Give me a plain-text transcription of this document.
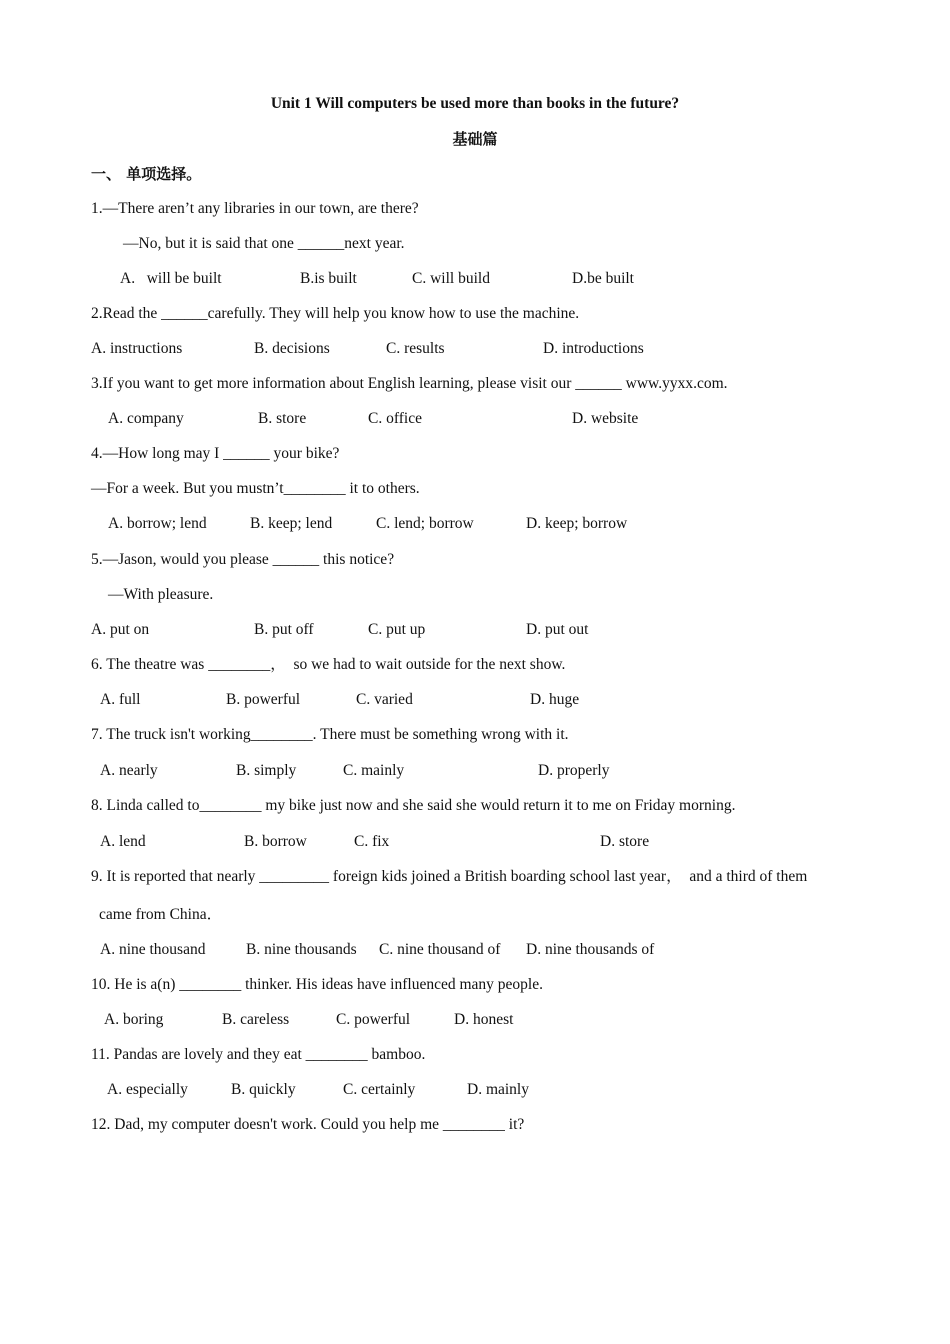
Unit 1 Will computers be used more than books in the future?
基础篇
一、 单项选择。
1.—There aren’t any libraries in our town, are there?
—No, but it is said that one ______next year.
A.   will be built	B.is built	C. will build	D.be built
2.Read the ______carefully. They will help you know how to use the machine.
A. instructions	B. decisions	C. results	D. introductions
3.If you want to get more information about English learning, please visit our ______ www.yyxx.com.
A. company	B. store	C. office	D. website
4.—How long may I ______ your bike?
—For a week. But you mustn’t________ it to others.
A. borrow; lend	B. keep; lend	C. lend; borrow	D. keep; borrow
5.—Jason, would you please ______ this notice?
—With pleasure.
A. put on	B. put off	C. put up	D. put out
6. The theatre was ________，  so we had to wait outside for the next show.
A. full	B. powerful	C. varied	D. huge
7. The truck isn't working________. There must be something wrong with it.
A. nearly	B. simply	C. mainly	D. properly
8. Linda called to________ my bike just now and she said she would return it to me on Friday morning.
A. lend	B. borrow	C. fix	D. store
9. It is reported that nearly _________ foreign kids joined a British boarding school last year，  and a third of them
came from China．
A. nine thousand	B. nine thousands C. nine thousand of D. nine thousands of
10. He is a(n) ________ thinker. His ideas have influenced many people.
A. boring	B. careless	C. powerful	D. honest
11. Pandas are lovely and they eat ________ bamboo.
A. especially	B. quickly	C. certainly	D. mainly
12. Dad, my computer doesn't work. Could you help me ________ it?
